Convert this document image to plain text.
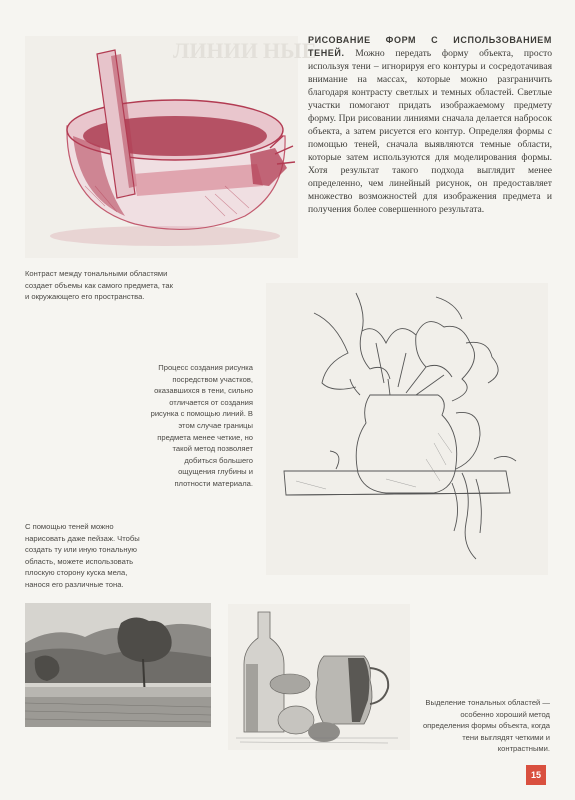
ЛИНИИ НЫЕ

РИСОВАНИЕ ФОРМ С ИСПОЛЬЗОВАНИЕМ ТЕНЕЙ. Можно передать форму объекта, просто используя тени – игнорируя его контуры и сосредотачивая внимание на массах, которые можно разграничить благодаря контрасту светлых и темных областей. Светлые участки помогают придать изображаемому предмету форму. При рисовании линиями сначала делается набросок объекта, а затем рисуется его контур. Определяя формы с помощью теней, сначала выявляются темные области, которые затем используются для моделирования формы. Хотя результат такого подхода выглядит менее определенно, чем линейный рисунок, он предоставляет множество возможностей для изображения предмета и получения более совершенного результата.

Контраст между тональными областями создает объемы как самого предмета, так и окружающего его пространства.

Процесс создания рисунка посредством участков, оказавшихся в тени, сильно отличается от создания рисунка с помощью линий. В этом случае границы предмета менее четкие, но такой метод позволяет добиться большего ощущения глубины и плотности материала.

С помощью теней можно нарисовать даже пейзаж. Чтобы создать ту или иную тональную область, можете использовать плоскую сторону куска мела, нанося его различные тона.

Выделение тональных областей — особенно хороший метод определения формы объекта, когда тени выглядят четкими и контрастными.

15
